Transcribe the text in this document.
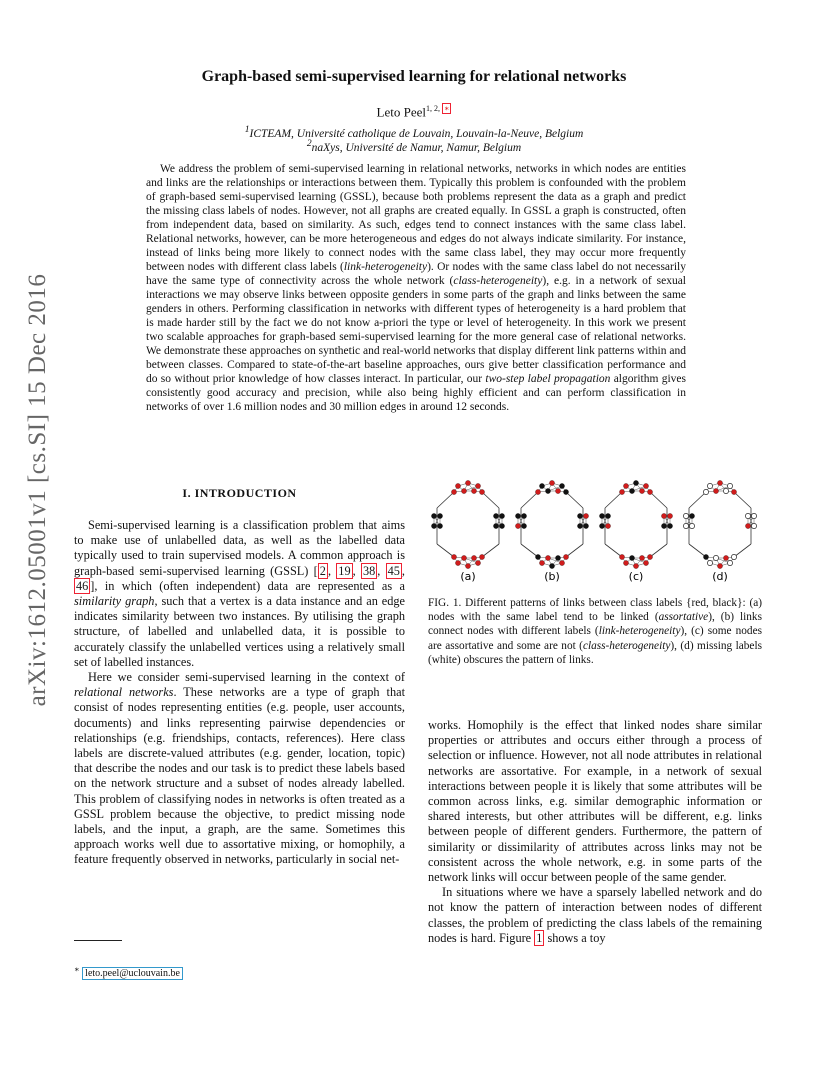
arXiv:1612.05001v1 [cs.SI] 15 Dec 2016
Graph-based semi-supervised learning for relational networks
Leto Peel$^{1, 2,}$ ∗
$^1$ICTEAM, Université catholique de Louvain, Louvain-la-Neuve, Belgium
$^2$naXys, Université de Namur, Namur, Belgium
We address the problem of semi-supervised learning in relational networks, networks in which nodes are entities and links are the relationships or interactions between them. Typically this problem is confounded with the problem of graph-based semi-supervised learning (GSSL), because both problems represent the data as a graph and predict the missing class labels of nodes. However, not all graphs are created equally. In GSSL a graph is constructed, often from independent data, based on similarity. As such, edges tend to connect instances with the same class label. Relational networks, however, can be more heterogeneous and edges do not always indicate similarity. For instance, instead of links being more likely to connect nodes with the same class label, they may occur more frequently between nodes with different class labels (link-heterogeneity). Or nodes with the same class label do not necessarily have the same type of connectivity across the whole network (class-heterogeneity), e.g. in a network of sexual interactions we may observe links between opposite genders in some parts of the graph and links between the same genders in others. Performing classification in networks with different types of heterogeneity is a hard problem that is made harder still by the fact we do not know a-priori the type or level of heterogeneity. In this work we present two scalable approaches for graph-based semi-supervised learning for the more general case of relational networks. We demonstrate these approaches on synthetic and real-world networks that display different link patterns within and between classes. Compared to state-of-the-art baseline approaches, ours give better classification performance and do so without prior knowledge of how classes interact. In particular, our two-step label propagation algorithm gives consistently good accuracy and precision, while also being highly efficient and can perform classification in networks of over 1.6 million nodes and 30 million edges in around 12 seconds.
I. INTRODUCTION

Semi-supervised learning is a classification problem that aims to make use of unlabelled data, as well as the labelled data typically used to train supervised models. A common approach is graph-based semi-supervised learning (GSSL) [ 2 , 19 , 38 , 45 , 46 ], in which (often independent) data are represented as a similarity graph, such that a vertex is a data instance and an edge indicates similarity between two instances. By utilising the graph structure, of labelled and unlabelled data, it is possible to accurately classify the unlabelled vertices using a relatively small set of labelled instances.

Here we consider semi-supervised learning in the context of relational networks. These networks are a type of graph that consist of nodes representing entities (e.g. people, user accounts, documents) and links representing pairwise dependencies or relationships (e.g. friendships, contacts, references). Here class labels are discrete-valued attributes (e.g. gender, location, topic) that describe the nodes and our task is to predict these labels based on the network structure and a subset of nodes already labelled. This problem of classifying nodes in networks is often treated as a GSSL problem because the objective, to predict missing node labels, and the input, a graph, are the same. Sometimes this approach works well due to assortative mixing, or homophily, a feature frequently observed in networks, particularly in social net-

(a)	(b)	(c)	(d)
FIG. 1. Different patterns of links between class labels {red, black}: (a) nodes with the same label tend to be linked (assortative), (b) links connect nodes with different labels (link-heterogeneity), (c) some nodes are assortative and some are not (class-heterogeneity), (d) missing labels (white) obscures the pattern of links.

works. Homophily is the effect that linked nodes share similar properties or attributes and occurs either through a process of selection or influence. However, not all node attributes in relational networks are assortative. For example, in a network of sexual interactions between people it is likely that some attributes will be common across links, e.g. similar demographic information or shared interests, but other attributes will be different, e.g. links between people of different genders. Furthermore, the pattern of similarity or dissimilarity of attributes across links may not be consistent across the whole network, e.g. in some parts of the network links will occur between people of the same gender.

In situations where we have a sparsely labelled network and do not know the pattern of interaction between nodes of different classes, the problem of predicting the class labels of the remaining nodes is hard. Figure 1 shows a toy

∗ leto.peel@uclouvain.be
